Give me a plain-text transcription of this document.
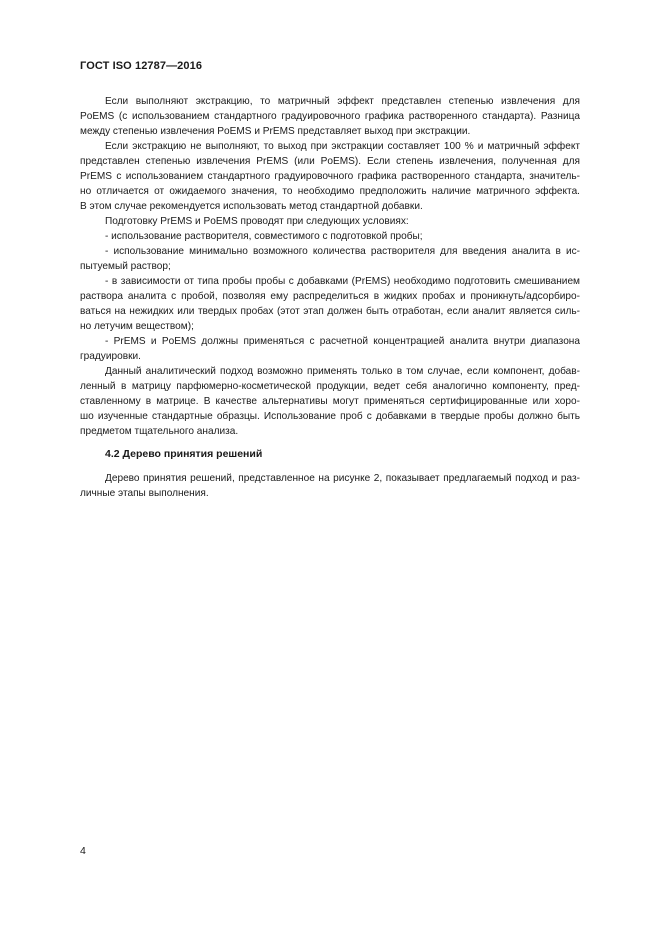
ГОСТ ISO 12787—2016

Если выполняют экстракцию, то матричный эффект представлен степенью извлечения для

PoEMS (с использованием стандартного градуировочного графика растворенного стандарта). Разница

между степенью извлечения PoEMS и PrEMS представляет выход при экстракции.

Если экстракцию не выполняют, то выход при экстракции составляет 100 % и матричный эффект

представлен степенью извлечения PrEMS (или PoEMS). Если степень извлечения, полученная для

PrEMS с использованием стандартного градуировочного графика растворенного стандарта, значитель-

но отличается от ожидаемого значения, то необходимо предположить наличие матричного эффекта.

В этом случае рекомендуется использовать метод стандартной добавки.

Подготовку PrEMS и PoEMS проводят при следующих условиях:

- использование растворителя, совместимого с подготовкой пробы;

- использование минимально возможного количества растворителя для введения аналита в ис-

пытуемый раствор;

- в зависимости от типа пробы пробы с добавками (PrEMS) необходимо подготовить смешиванием

раствора аналита с пробой, позволяя ему распределиться в жидких пробах и проникнуть/адсорбиро-

ваться на нежидких или твердых пробах (этот этап должен быть отработан, если аналит является силь-

но летучим веществом);

- PrEMS и PoEMS должны применяться с расчетной концентрацией аналита внутри диапазона

градуировки.

Данный аналитический подход возможно применять только в том случае, если компонент, добав-

ленный в матрицу парфюмерно-косметической продукции, ведет себя аналогично компоненту, пред-

ставленному в матрице. В качестве альтернативы могут применяться сертифицированные или хоро-

шо изученные стандартные образцы. Использование проб с добавками в твердые пробы должно быть

предметом тщательного анализа.

4.2 Дерево принятия решений

Дерево принятия решений, представленное на рисунке 2, показывает предлагаемый подход и раз-

личные этапы выполнения.

4
